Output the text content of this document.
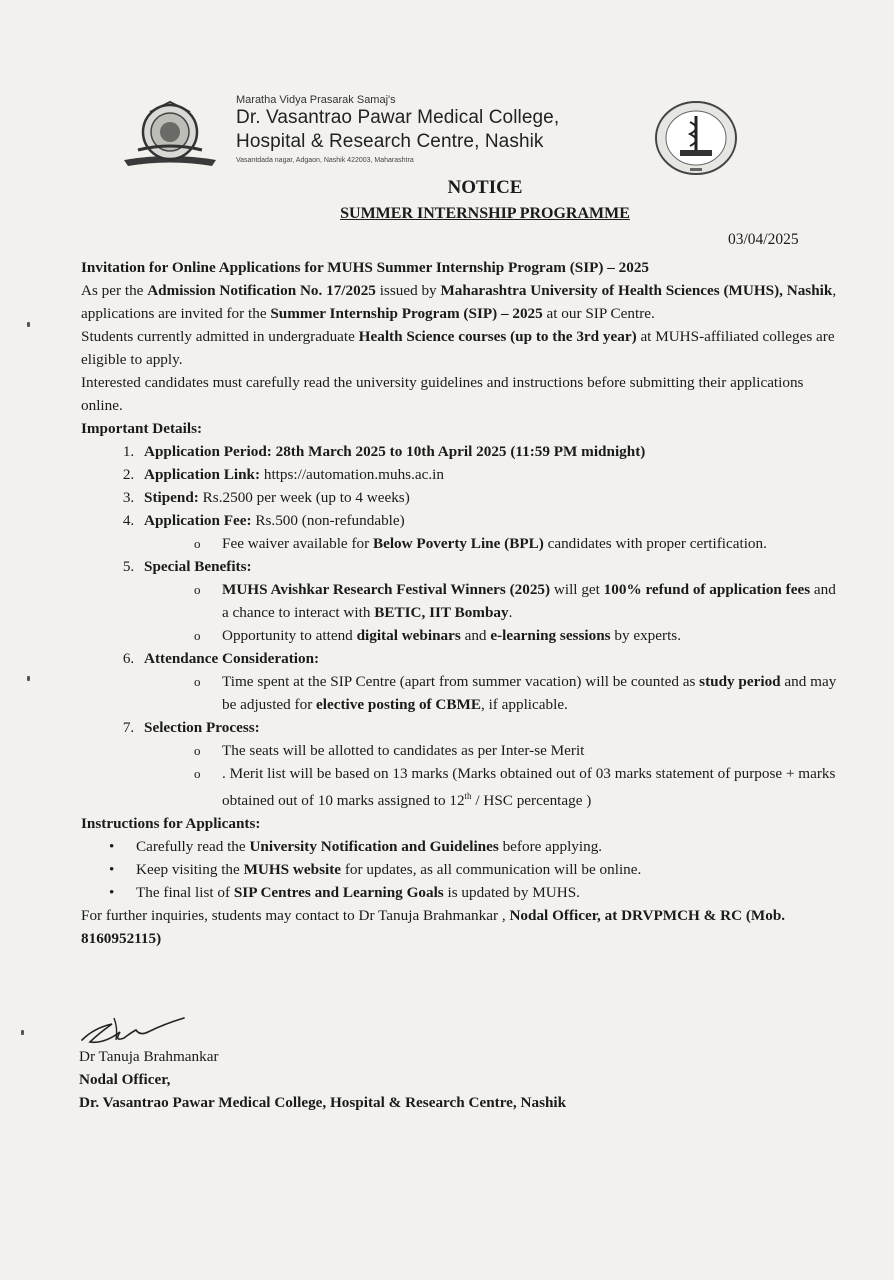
Maratha Vidya Prasarak Samaj's
Dr. Vasantrao Pawar Medical College,
Hospital & Research Centre, Nashik
Vasantdada nagar, Adgaon, Nashik 422003, Maharashtra
NOTICE
SUMMER INTERNSHIP PROGRAMME
03/04/2025

Invitation for Online Applications for MUHS Summer Internship Program (SIP) – 2025

As per the Admission Notification No. 17/2025 issued by Maharashtra University of Health Sciences (MUHS), Nashik, applications are invited for the Summer Internship Program (SIP) – 2025 at our SIP Centre.

Students currently admitted in undergraduate Health Science courses (up to the 3rd year) at MUHS-affiliated colleges are eligible to apply.

Interested candidates must carefully read the university guidelines and instructions before submitting their applications online.

Important Details:

1. Application Period: 28th March 2025 to 10th April 2025 (11:59 PM midnight)
2. Application Link: https://automation.muhs.ac.in
3. Stipend: Rs.2500 per week (up to 4 weeks)
4. Application Fee: Rs.500 (non-refundable)
o Fee waiver available for Below Poverty Line (BPL) candidates with proper certification.
5. Special Benefits:
o MUHS Avishkar Research Festival Winners (2025) will get 100% refund of application fees and a chance to interact with BETIC, IIT Bombay.
o Opportunity to attend digital webinars and e-learning sessions by experts.
6. Attendance Consideration:
o Time spent at the SIP Centre (apart from summer vacation) will be counted as study period and may be adjusted for elective posting of CBME, if applicable.
7. Selection Process:
o The seats will be allotted to candidates as per Inter-se Merit
o . Merit list will be based on 13 marks (Marks obtained out of 03 marks statement of purpose + marks obtained out of 10 marks assigned to 12th / HSC percentage )

Instructions for Applicants:

• Carefully read the University Notification and Guidelines before applying.
• Keep visiting the MUHS website for updates, as all communication will be online.
• The final list of SIP Centres and Learning Goals is updated by MUHS.

For further inquiries, students may contact to Dr Tanuja Brahmankar , Nodal Officer, at DRVPMCH & RC (Mob. 8160952115)

Dr Tanuja Brahmankar
Nodal Officer,
Dr. Vasantrao Pawar Medical College, Hospital & Research Centre, Nashik
